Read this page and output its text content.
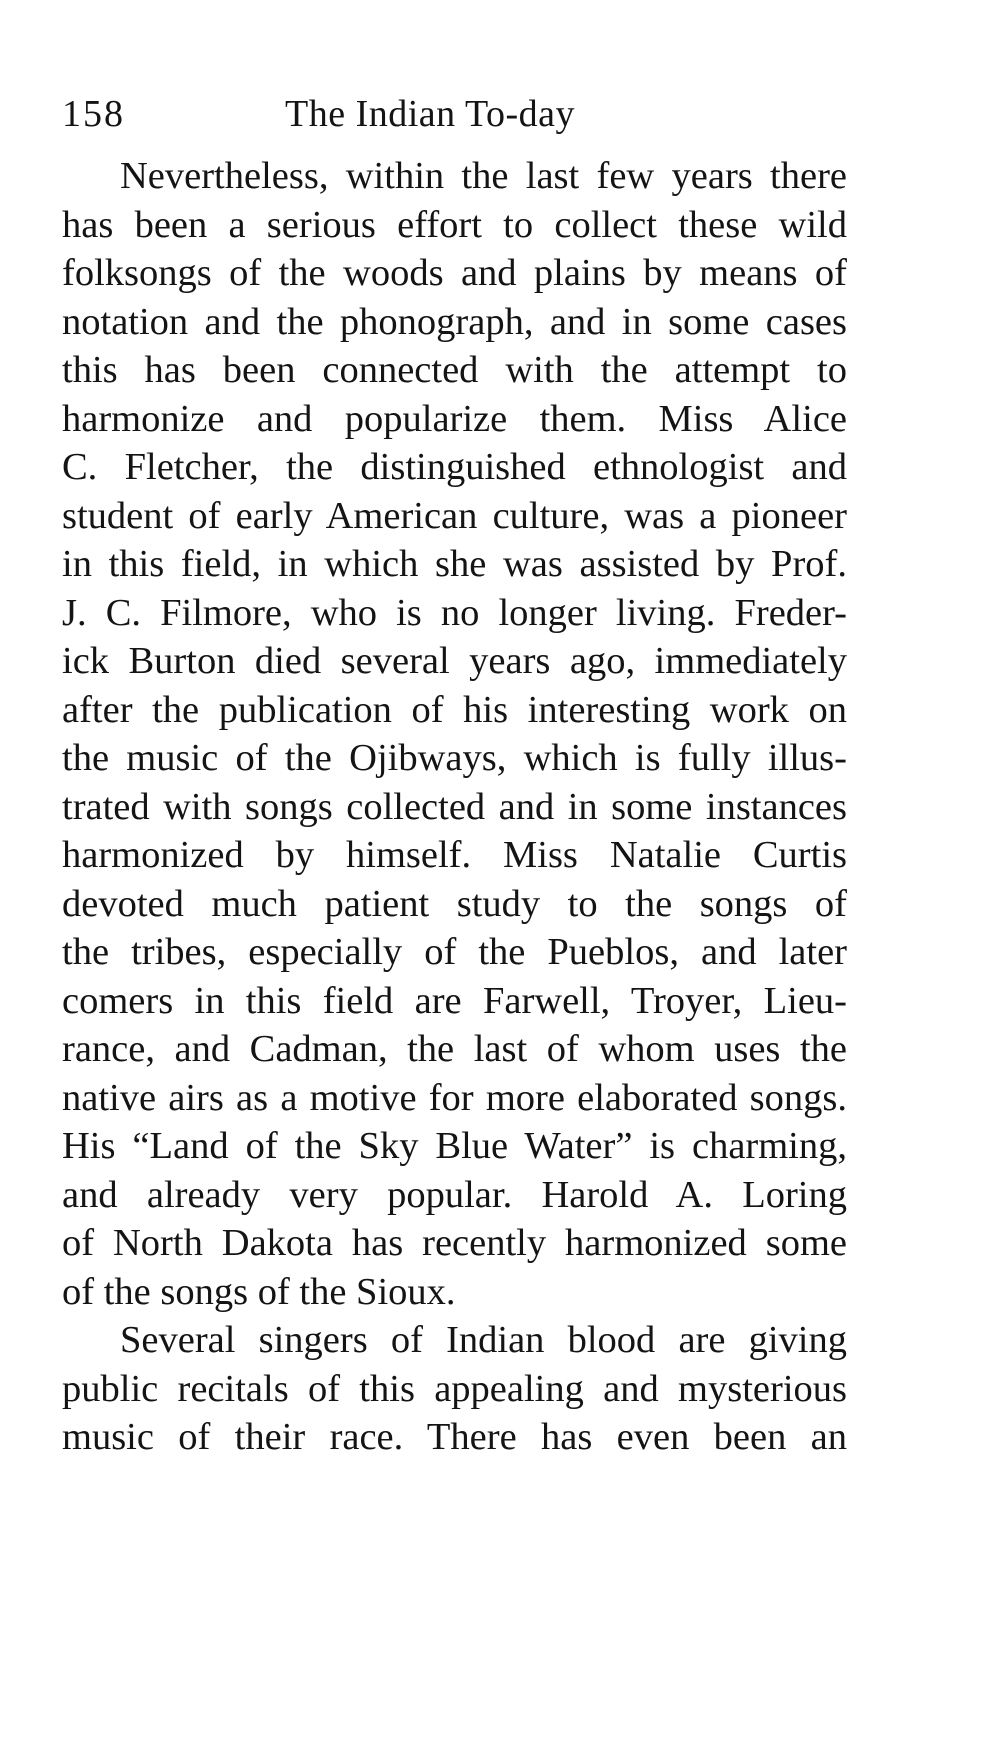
158	The Indian To-day
Nevertheless, within the last few years there
has been a serious effort to collect these wild
folksongs of the woods and plains by means of
notation and the phonograph, and in some cases
this has been connected with the attempt to
harmonize and popularize them. Miss Alice
C. Fletcher, the distinguished ethnologist and
student of early American culture, was a pioneer
in this field, in which she was assisted by Prof.
J. C. Filmore, who is no longer living. Freder-
ick Burton died several years ago, immediately
after the publication of his interesting work on
the music of the Ojibways, which is fully illus-
trated with songs collected and in some instances
harmonized by himself. Miss Natalie Curtis
devoted much patient study to the songs of
the tribes, especially of the Pueblos, and later
comers in this field are Farwell, Troyer, Lieu-
rance, and Cadman, the last of whom uses the
native airs as a motive for more elaborated songs.
His “Land of the Sky Blue Water” is charming,
and already very popular. Harold A. Loring
of North Dakota has recently harmonized some
of the songs of the Sioux.
Several singers of Indian blood are giving
public recitals of this appealing and mysterious
music of their race. There has even been an
